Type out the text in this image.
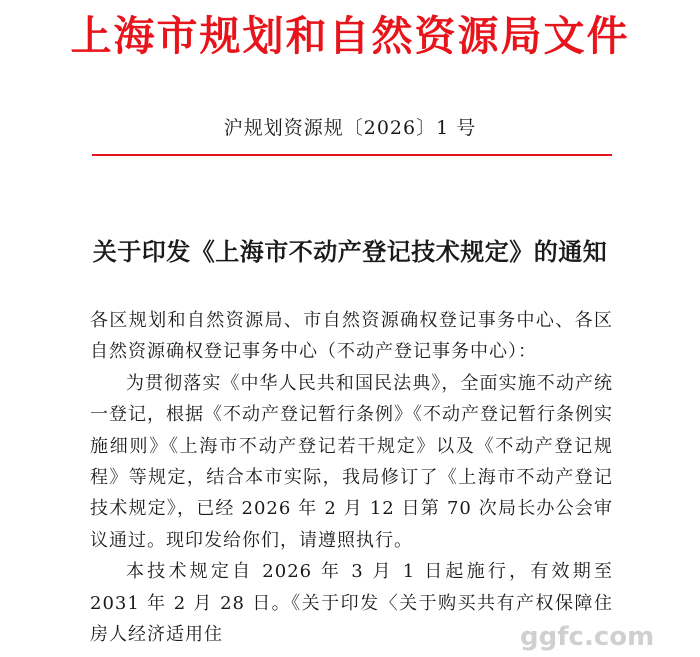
上海市规划和自然资源局文件
沪规划资源规〔2026〕1 号
关于印发《上海市不动产登记技术规定》的通知

各区规划和自然资源局、市自然资源确权登记事务中心、各区自然资源确权登记事务中心（不动产登记事务中心）：

为贯彻落实《中华人民共和国民法典》，全面实施不动产统一登记，根据《不动产登记暂行条例》《不动产登记暂行条例实施细则》《上海市不动产登记若干规定》以及《不动产登记规程》等规定，结合本市实际，我局修订了《上海市不动产登记技术规定》，已经 2026 年 2 月 12 日第 70 次局长办公会审议通过。现印发给你们，请遵照执行。

本技术规定自 2026 年 3 月 1 日起施行，有效期至 2031 年 2 月 28 日。《关于印发〈关于购买共有产权保障住房人经济适用住	ggfc.com
